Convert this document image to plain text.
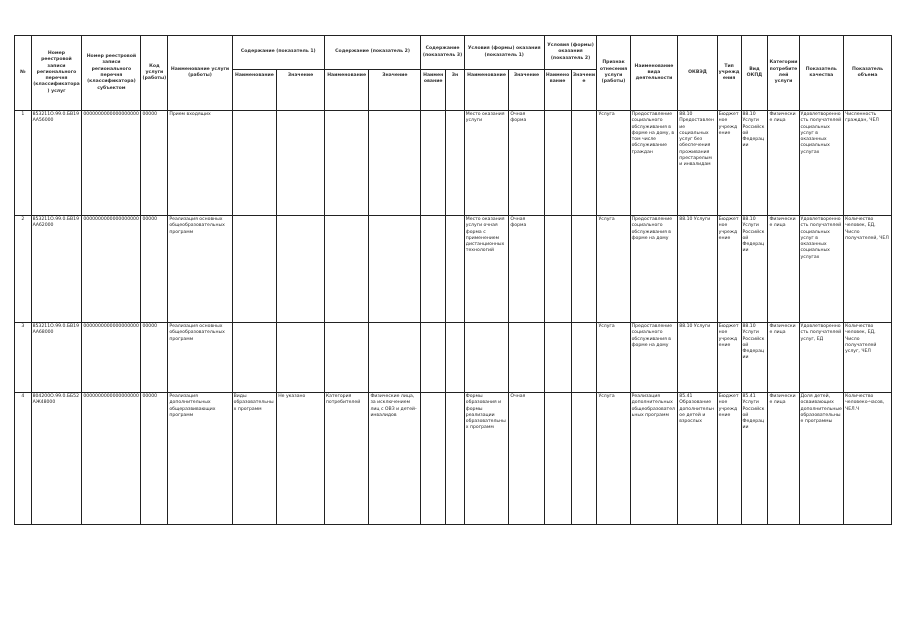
№	Номер реестровой записи регионального перечня (классификатора) услуг	Номер реестровой записи регионального перечня (классификатора) субъектом	Код услуги (работы)	Наименование услуги (работы)	Содержание (показатель 1)		Содержание (показатель 2)		Содержание (показатель 3)		Условия (формы) оказания (показатель 1)		Условия (формы) оказания (показатель 2)		Признак отнесения услуги (работы)	Наименование вида деятельности	ОКВЭД	Тип учреждения	Вид ОКПД	Категории потребителей услуги	Показатель качества	Показатель объема
					Наименование	Значение	Наименование	Значение	Наименование	Зн	Наименование	Значение	Наименование	Значение								
1	853211О.99.0.БВ19АА56000	0000000000000000000	00000	Прием входящих							Место оказания услуги	Очная форма			Услуга	Предоставление социального обслуживания в форме на дому, в том числе обслуживание граждан	88.10 Предоставление социальных услуг без обеспечения проживания престарелым и инвалидам	Бюджетное учреждение	88.10 Услуги Российской Федерации	Физические лица	Удовлетворенность получателей социальных услуг в оказанных социальных услугах	Численность граждан, ЧЕЛ
2	853211О.99.0.БВ19АА62000	0000000000000000000	00000	Реализация основных общеобразовательных программ							Место оказания услуги очная форма с применением дистанционных технологий	Очная форма			Услуга	Предоставление социального обслуживания в форме на дому	88.10 Услуги	Бюджетное учреждение	88.10 Услуги Российской Федерации	Физические лица	Удовлетворенность получателей социальных услуг в оказанных социальных услугах	Количество человек, ЕД, Число получателей, ЧЕЛ
3	853211О.99.0.БВ19АА68000	0000000000000000000	00000	Реализация основных общеобразовательных программ											Услуга	Предоставление социального обслуживания в форме на дому	88.10 Услуги	Бюджетное учреждение	88.10 Услуги Российской Федерации	Физические лица	Удовлетворенность получателей услуг, ЕД	Количество человек, ЕД, Число получателей услуг, ЧЕЛ
4	804200О.99.0.ББ52АЖ48000	0000000000000000000	00000	Реализация дополнительных общеразвивающих программ	Виды образовательных программ	Не указано	Категория потребителей	Физические лица, за исключением лиц с ОВЗ и детей-инвалидов			Формы образования и формы реализации образовательных программ	Очная			Услуга	Реализация дополнительных общеобразовательных программ	85.41 Образование дополнительное детей и взрослых	Бюджетное учреждение	85.41 Услуги Российской Федерации	Физические лица	Доля детей, осваивающих дополнительные образовательные программы	Количество человеко-часов, ЧЕЛ.Ч
